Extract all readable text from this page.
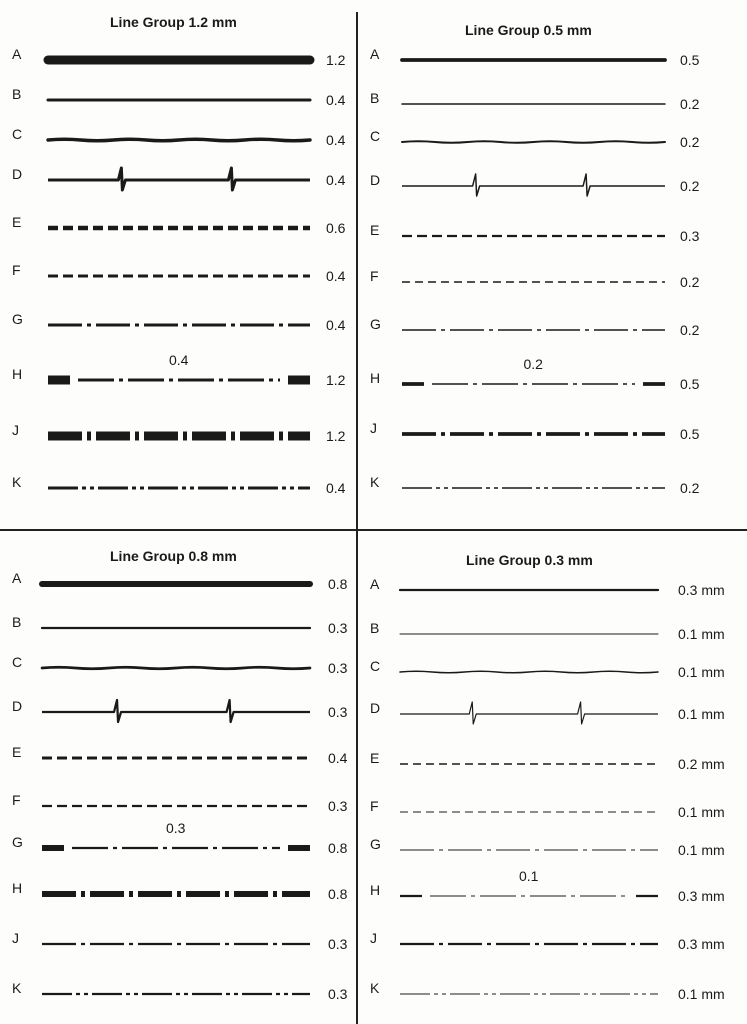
Line Group 1.2 mm
A	1.2
B	0.4
C	0.4
D	0.4
E	0.6
F	0.4
G	0.4
H	1.2
0.4
J	1.2
K	0.4
Line Group 0.5 mm
A	0.5
B	0.2
C	0.2
D	0.2
E	0.3
F	0.2
G	0.2
H	0.5
0.2
J	0.5
K	0.2
Line Group 0.8 mm
A	0.8
B	0.3
C	0.3
D	0.3
E	0.4
F	0.3
G	0.8
0.3
H	0.8
J	0.3
K	0.3
Line Group 0.3 mm
A	0.3 mm
B	0.1 mm
C	0.1 mm
D	0.1 mm
E	0.2 mm
F	0.1 mm
G	0.1 mm
H	0.3 mm
0.1
J	0.3 mm
K	0.1 mm
